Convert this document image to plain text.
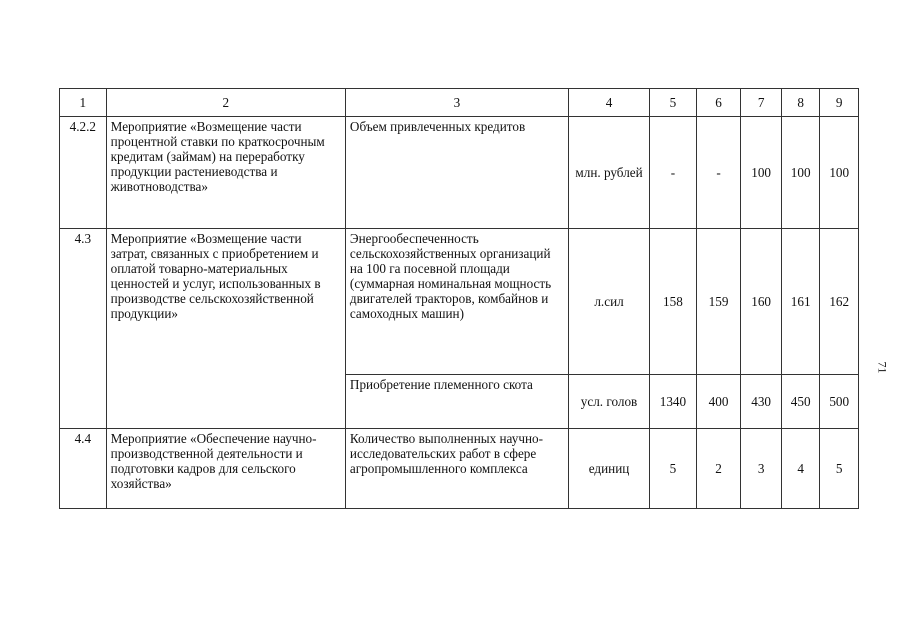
1	2	3	4	5	6	7	8	9
4.2.2	Мероприятие «Возмещение части процентной ставки по краткосрочным кредитам (займам) на переработку продукции растениеводства и животноводства»	Объем привлеченных кредитов	млн. рублей	-	-	100	100	100
4.3	Мероприятие «Возмещение части затрат, связанных с приобретением и оплатой товарно-материальных ценностей и услуг, использованных в производстве сельскохозяйственной продукции»	Энергообеспеченность сельскохозяйственных организаций на 100 га посевной площади (суммарная номинальная мощность двигателей тракторов, комбайнов и самоходных машин)	л.сил	158	159	160	161	162
		Приобретение племенного скота	усл. голов	1340	400	430	450	500
4.4	Мероприятие «Обеспечение научно-производственной деятельности и подготовки кадров для сельского хозяйства»	Количество выполненных научно-исследовательских работ в сфере агропромышленного комплекса	единиц	5	2	3	4	5
71
